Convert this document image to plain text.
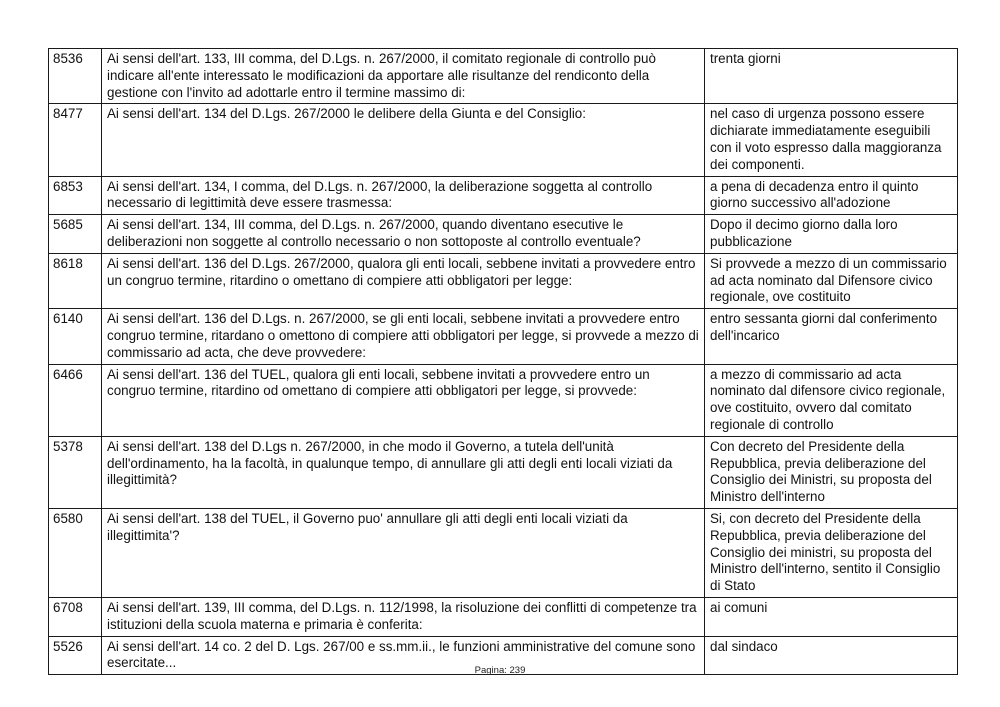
8536	Ai sensi dell'art. 133, III comma, del D.Lgs. n. 267/2000, il comitato regionale di controllo può indicare all'ente interessato le modificazioni da apportare alle risultanze del rendiconto della gestione con l'invito ad adottarle entro il termine massimo di:	trenta giorni
8477	Ai sensi dell'art. 134 del D.Lgs. 267/2000 le delibere della Giunta e del Consiglio:	nel caso di urgenza possono essere dichiarate immediatamente eseguibili con il voto espresso dalla maggioranza dei componenti.
6853	Ai sensi dell'art. 134, I comma, del D.Lgs. n. 267/2000, la deliberazione soggetta al controllo necessario di legittimità deve essere trasmessa:	a pena di decadenza entro il quinto giorno successivo all'adozione
5685	Ai sensi dell'art. 134, III comma, del D.Lgs. n. 267/2000, quando diventano esecutive le deliberazioni non soggette al controllo necessario o non sottoposte al controllo eventuale?	Dopo il decimo giorno dalla loro pubblicazione
8618	Ai sensi dell'art. 136 del D.Lgs. 267/2000, qualora gli enti locali, sebbene invitati a provvedere entro un congruo termine, ritardino o omettano di compiere atti obbligatori per legge:	Si provvede a mezzo di un commissario ad acta nominato dal Difensore civico regionale, ove costituito
6140	Ai sensi dell'art. 136 del D.Lgs. n. 267/2000, se gli enti locali, sebbene invitati a provvedere entro congruo termine, ritardano o omettono di compiere atti obbligatori per legge, si provvede a mezzo di commissario ad acta, che deve provvedere:	entro sessanta giorni dal conferimento dell'incarico
6466	Ai sensi dell'art. 136 del TUEL, qualora gli enti locali, sebbene invitati a provvedere entro un congruo termine, ritardino od omettano di compiere atti obbligatori per legge, si provvede:	a mezzo di commissario ad acta nominato dal difensore civico regionale, ove costituito, ovvero dal comitato regionale di controllo
5378	Ai sensi dell'art. 138 del D.Lgs n. 267/2000, in che modo il Governo, a tutela dell'unità dell'ordinamento, ha la facoltà, in qualunque tempo, di annullare gli atti degli enti locali viziati da illegittimità?	Con decreto del Presidente della Repubblica, previa deliberazione del Consiglio dei Ministri, su proposta del Ministro dell'interno
6580	Ai sensi dell'art. 138 del TUEL, il Governo puo' annullare gli atti degli enti locali viziati da illegittimita'?	Si, con decreto del Presidente della Repubblica, previa deliberazione del Consiglio dei ministri, su proposta del Ministro dell'interno, sentito il Consiglio di Stato
6708	Ai sensi dell'art. 139, III comma, del D.Lgs. n. 112/1998, la risoluzione dei conflitti di competenze tra istituzioni della scuola materna e primaria è conferita:	ai comuni
5526	Ai sensi dell'art. 14 co. 2 del D. Lgs. 267/00 e ss.mm.ii., le funzioni amministrative del comune sono esercitate...	dal sindaco
Pagina: 239
